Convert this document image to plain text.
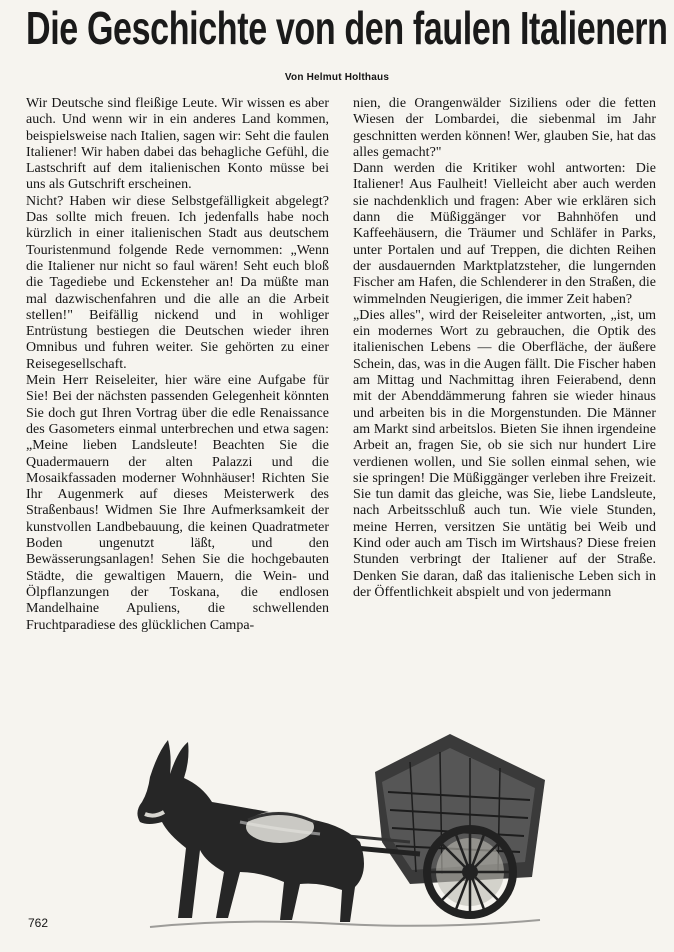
Die Geschichte von den faulen Italienern
Von Helmut Holthaus

Wir Deutsche sind fleißige Leute. Wir wissen es aber auch. Und wenn wir in ein anderes Land kommen, beispielsweise nach Italien, sagen wir: Seht die faulen Italiener! Wir haben dabei das behagliche Gefühl, die Lastschrift auf dem italienischen Konto müsse bei uns als Gutschrift erscheinen.

Nicht? Haben wir diese Selbstgefälligkeit abgelegt? Das sollte mich freuen. Ich jedenfalls habe noch kürzlich in einer italienischen Stadt aus deutschem Touristenmund folgende Rede vernommen: „Wenn die Italiener nur nicht so faul wären! Seht euch bloß die Tagediebe und Eckensteher an! Da müßte man mal dazwischenfahren und die alle an die Arbeit stellen!" Beifällig nickend und in wohliger Entrüstung bestiegen die Deutschen wieder ihren Omnibus und fuhren weiter. Sie gehörten zu einer Reisegesellschaft.

Mein Herr Reiseleiter, hier wäre eine Aufgabe für Sie! Bei der nächsten passenden Gelegenheit könnten Sie doch gut Ihren Vortrag über die edle Renaissance des Gasometers einmal unterbrechen und etwa sagen: „Meine lieben Landsleute! Beachten Sie die Quadermauern der alten Palazzi und die Mosaikfassaden moderner Wohnhäuser! Richten Sie Ihr Augenmerk auf dieses Meisterwerk des Straßenbaus! Widmen Sie Ihre Aufmerksamkeit der kunstvollen Landbebauung, die keinen Quadratmeter Boden ungenutzt läßt, und den Bewässerungsanlagen! Sehen Sie die hochgebauten Städte, die gewaltigen Mauern, die Wein- und Ölpflanzungen der Toskana, die endlosen Mandelhaine Apuliens, die schwellenden Fruchtparadiese des glücklichen Campa-

nien, die Orangenwälder Siziliens oder die fetten Wiesen der Lombardei, die siebenmal im Jahr geschnitten werden können! Wer, glauben Sie, hat das alles gemacht?"

Dann werden die Kritiker wohl antworten: Die Italiener! Aus Faulheit! Vielleicht aber auch werden sie nachdenklich und fragen: Aber wie erklären sich dann die Müßiggänger vor Bahnhöfen und Kaffeehäusern, die Träumer und Schläfer in Parks, unter Portalen und auf Treppen, die dichten Reihen der ausdauernden Marktplatzsteher, die lungernden Fischer am Hafen, die Schlenderer in den Straßen, die wimmelnden Neugierigen, die immer Zeit haben?

„Dies alles", wird der Reiseleiter antworten, „ist, um ein modernes Wort zu gebrauchen, die Optik des italienischen Lebens — die Oberfläche, der äußere Schein, das, was in die Augen fällt. Die Fischer haben am Mittag und Nachmittag ihren Feierabend, denn mit der Abenddämmerung fahren sie wieder hinaus und arbeiten bis in die Morgenstunden. Die Männer am Markt sind arbeitslos. Bieten Sie ihnen irgendeine Arbeit an, fragen Sie, ob sie sich nur hundert Lire verdienen wollen, und Sie sollen einmal sehen, wie sie springen! Die Müßiggänger verleben ihre Freizeit. Sie tun damit das gleiche, was Sie, liebe Landsleute, nach Arbeitsschluß auch tun. Wie viele Stunden, meine Herren, versitzen Sie untätig bei Weib und Kind oder auch am Tisch im Wirtshaus? Diese freien Stunden verbringt der Italiener auf der Straße. Denken Sie daran, daß das italienische Leben sich in der Öffentlichkeit abspielt und von jedermann

762
